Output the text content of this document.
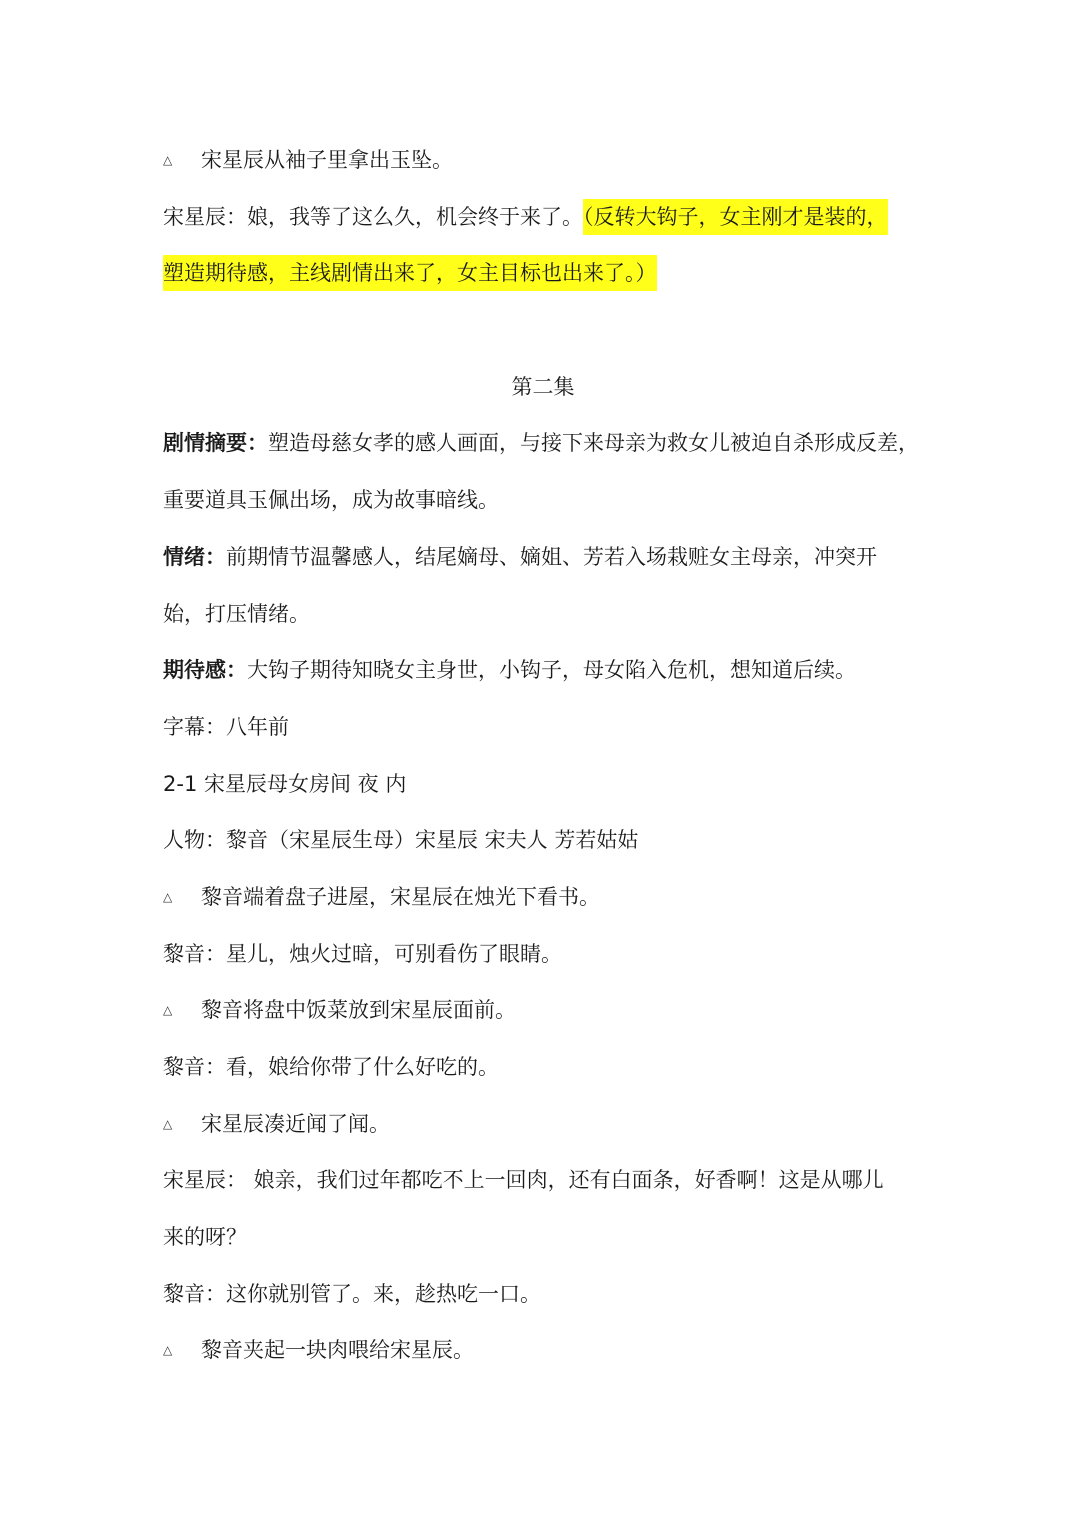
△ 宋星辰从袖子里拿出玉坠。
宋星辰：娘，我等了这么久，机会终于来了。（反转大钩子，女主刚才是装的，
塑造期待感，主线剧情出来了，女主目标也出来了。）
第二集
剧情摘要：塑造母慈女孝的感人画面，与接下来母亲为救女儿被迫自杀形成反差，
重要道具玉佩出场，成为故事暗线。
情绪：前期情节温馨感人，结尾嫡母、嫡姐、芳若入场栽赃女主母亲，冲突开
始，打压情绪。
期待感：大钩子期待知晓女主身世，小钩子，母女陷入危机，想知道后续。
字幕：八年前
2-1 宋星辰母女房间 夜 内
人物：黎音（宋星辰生母）宋星辰 宋夫人 芳若姑姑
△ 黎音端着盘子进屋，宋星辰在烛光下看书。
黎音：星儿，烛火过暗，可别看伤了眼睛。
△ 黎音将盘中饭菜放到宋星辰面前。
黎音：看，娘给你带了什么好吃的。
△ 宋星辰凑近闻了闻。
宋星辰： 娘亲，我们过年都吃不上一回肉，还有白面条，好香啊！这是从哪儿
来的呀？
黎音：这你就别管了。来，趁热吃一口。
△ 黎音夹起一块肉喂给宋星辰。
